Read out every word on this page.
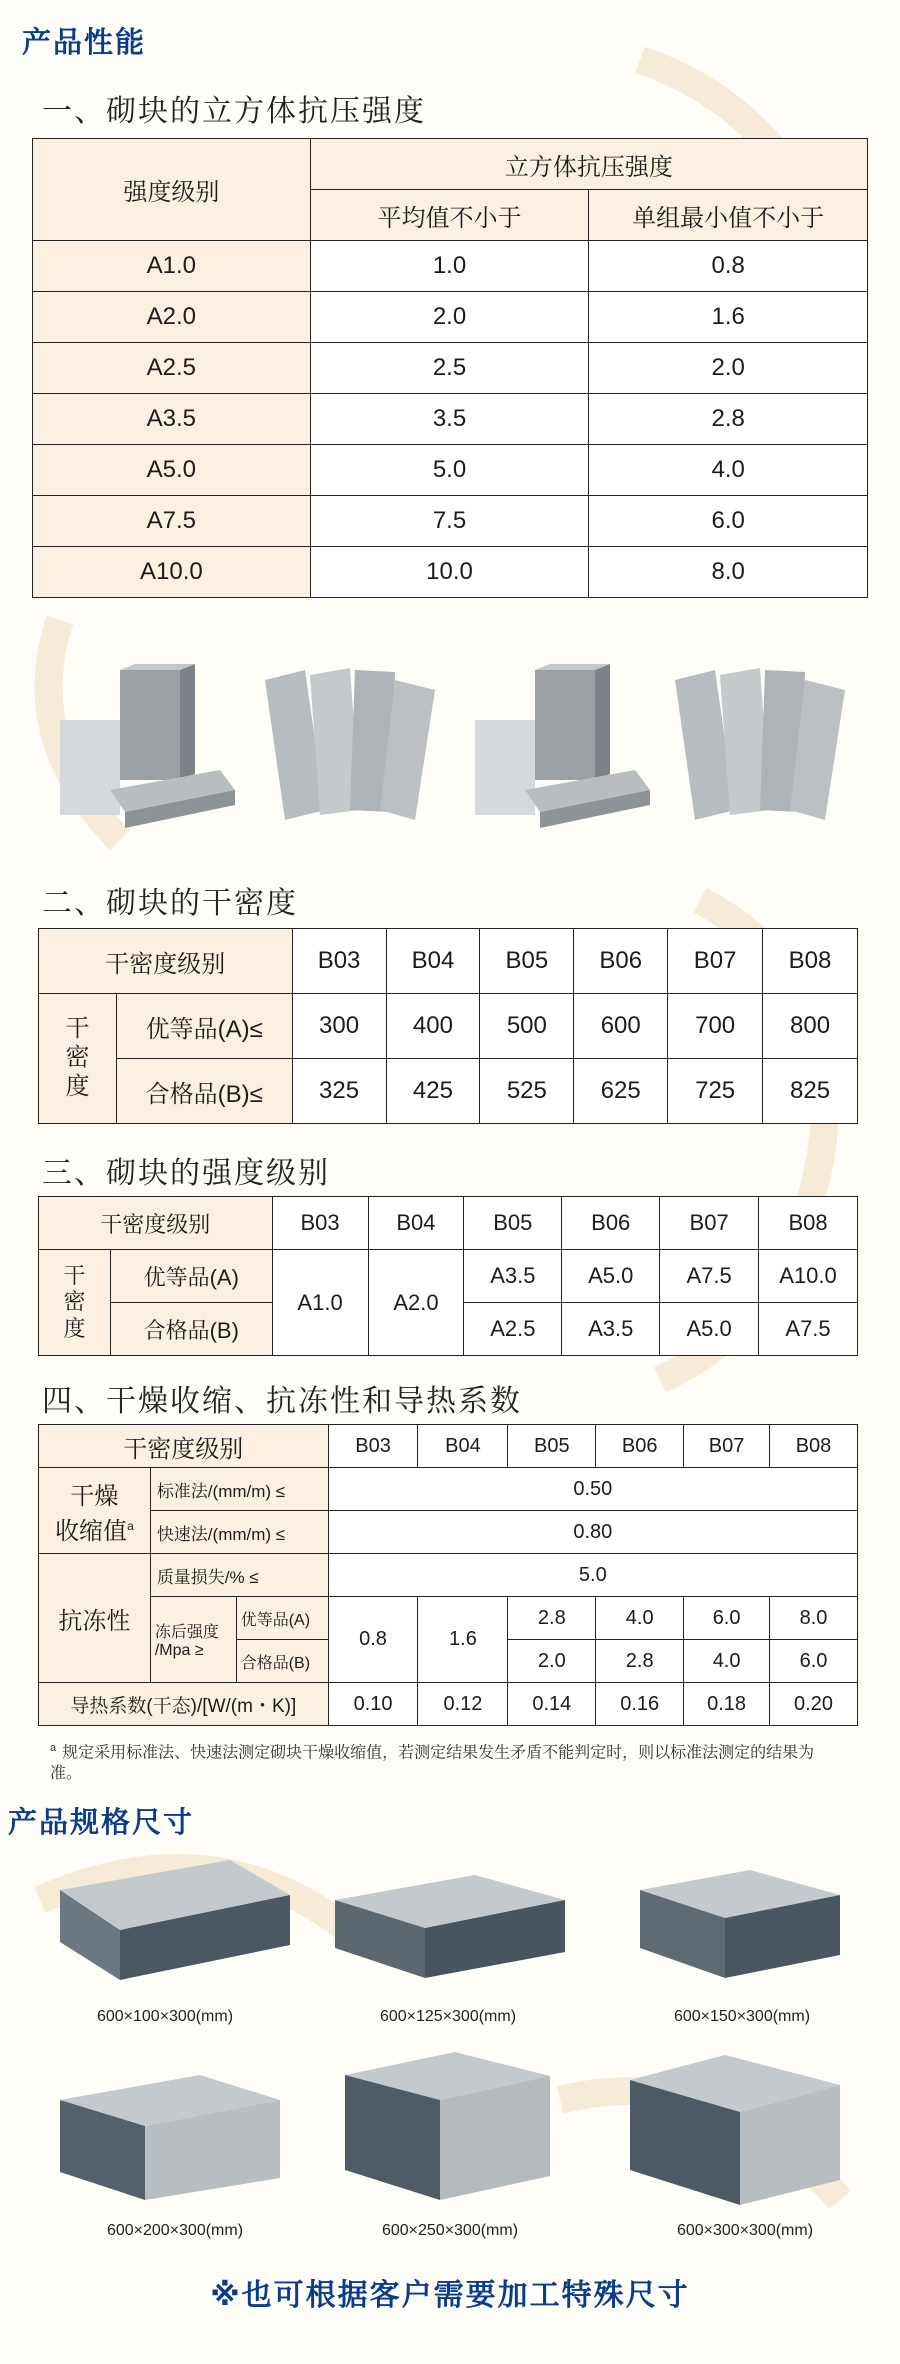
产品性能
一、砌块的立方体抗压强度
强度级别	立方体抗压强度	
	平均值不小于	单组最小值不小于
A1.0	1.0	0.8
A2.0	2.0	1.6
A2.5	2.5	2.0
A3.5	3.5	2.8
A5.0	5.0	4.0
A7.5	7.5	6.0
A10.0	10.0	8.0
二、砌块的干密度
干密度级别		B03	B04	B05	B06	B07	B08

干密度	优等品(A)≤	300	400	500	600	700	800
	合格品(B)≤	325	425	525	625	725	825
三、砌块的强度级别
干密度级别		B03	B04	B05	B06	B07	B08

干密度	优等品(A)	A1.0	A2.0	A3.5	A5.0	A7.5	A10.0
	合格品(B)			A2.5	A3.5	A5.0	A7.5
四、干燥收缩、抗冻性和导热系数
干密度级别			B03	B04	B05	B06	B07	B08

干燥
收缩值$^a$	标准法/(mm/m) ≤		0.50					
	快速法/(mm/m) ≤		0.80					
抗冻性	质量损失/% ≤		5.0					

	冻后强度
/Mpa ≥	优等品(A)	0.8	1.6	2.8	4.0	6.0	8.0
		合格品(B)			2.0	2.8	4.0	6.0
导热系数(干态)/[W/(m・K)]			0.10	0.12	0.14	0.16	0.18	0.20
$^a$ 规定采用标准法、快速法测定砌块干燥收缩值，若测定结果发生矛盾不能判定时，则以标准法测定的结果为准。
产品规格尺寸
600×100×300(mm)	600×125×300(mm)	600×150×300(mm)
600×200×300(mm)	600×250×300(mm)	600×300×300(mm)
※也可根据客户需要加工特殊尺寸
